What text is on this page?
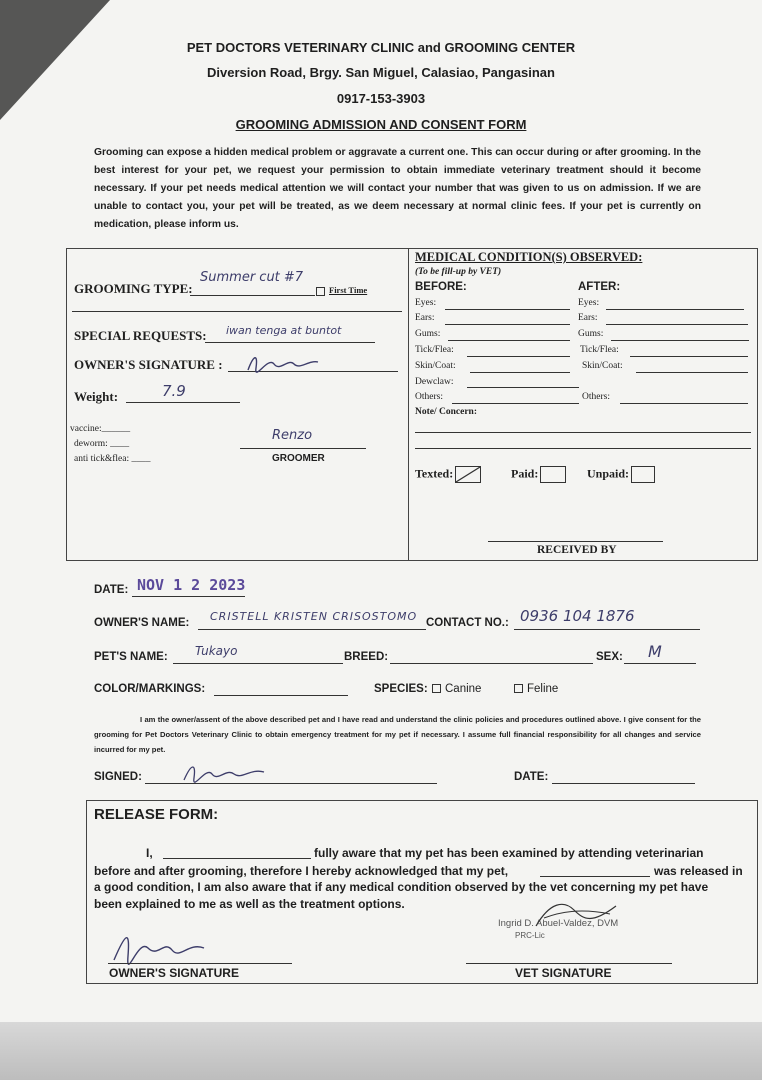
PET DOCTORS VETERINARY CLINIC and GROOMING CENTER
Diversion Road, Brgy. San Miguel, Calasiao, Pangasinan
0917-153-3903
GROOMING ADMISSION AND CONSENT FORM

Grooming can expose a hidden medical problem or aggravate a current one. This can occur during or after grooming. In the best interest for your pet, we request your permission to obtain immediate veterinary treatment should it become necessary. If your pet needs medical attention we will contact your number that was given to us on admission. If we are unable to contact you, your pet will be treated, as we deem necessary at normal clinic fees. If your pet is currently on medication, please inform us.

GROOMING TYPE:
Summer cut #7
First Time
SPECIAL REQUESTS: iwan tenga at buntot
OWNER'S SIGNATURE :
Weight:	7.9
vaccine:______
deworm: ____
anti tick&flea: ____
Renzo
GROOMER
MEDICAL CONDITION(S) OBSERVED:
(To be fill-up by VET)
BEFORE:	AFTER:
Eyes:	Eyes:
Ears:	Ears:
Gums:	Gums:
Tick/Flea:	Tick/Flea:
Skin/Coat:	Skin/Coat:
Dewclaw:
Others:	Others:
Note/ Concern:
Texted:	Paid:	Unpaid:
RECEIVED BY
DATE: NOV 1 2 2023
OWNER'S NAME: CRISTELL KRISTEN CRISOSTOMO CONTACT NO.: 0936 104 1876
PET'S NAME: Tukayo	BREED:	SEX: M
COLOR/MARKINGS:	SPECIES:	Canine	Feline

I am the owner/assent of the above described pet and I have read and understand the clinic policies and procedures outlined above. I give consent for the grooming for Pet Doctors Veterinary Clinic to obtain emergency treatment for my pet if necessary. I assume full financial responsibility for all changes and service incurred for my pet.

SIGNED:	DATE:
RELEASE FORM:
I,	fully aware that my pet has been examined by attending veterinarian
before and after grooming, therefore I hereby acknowledged that my pet,	was released in
a good condition, I am also aware that if any medical condition observed by the vet concerning my pet have
been explained to me as well as the treatment options.
Ingrid D. Abuel-Valdez, DVM
PRC-Lic
OWNER'S SIGNATURE	VET SIGNATURE
